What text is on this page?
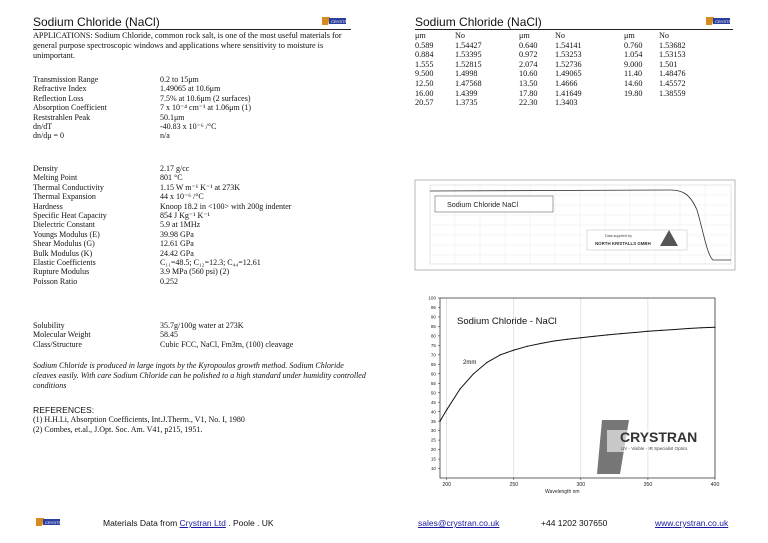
Sodium Chloride (NaCl)	CRYSTRAN
APPLICATIONS: Sodium Chloride, common rock salt, is one of the most useful materials for general purpose spectroscopic windows and applications where sensitivity to moisture is unimportant.
Transmission Range	0.2 to 15μm
Refractive Index	1.49065 at 10.6μm
Reflection Loss	7.5% at 10.6μm (2 surfaces)
Absorption Coefficient	7 x 10⁻⁴ cm⁻¹ at 1.06μm (1)
Reststrahlen Peak	50.1μm
dn/dT	-40.83 x 10⁻⁶ /°C
dn/dμ = 0	n/a
Density	2.17 g/cc
Melting Point	801 °C
Thermal Conductivity	1.15 W m⁻¹ K⁻¹ at 273K
Thermal Expansion	44 x 10⁻⁶ /°C
Hardness	Knoop 18.2 in <100> with 200g indenter
Specific Heat Capacity	854 J Kg⁻¹ K⁻¹
Dielectric Constant	5.9 at 1MHz
Youngs Modulus (E)	39.98 GPa
Shear Modulus (G)	12.61 GPa
Bulk Modulus (K)	24.42 GPa
Elastic Coefficients	C₁₁=48.5; C₁₂=12.3; C₄₄=12.61
Rupture Modulus	3.9 MPa (560 psi) (2)
Poisson Ratio	0.252
Solubility	35.7g/100g water at 273K
Molecular Weight	58.45
Class/Structure	Cubic FCC, NaCl, Fm3m, (100) cleavage
Sodium Chloride is produced in large ingots by the Kyropoulos growth method. Sodium Chloride cleaves easily. With care Sodium Chloride can be polished to a high standard under humidity controlled conditions
REFERENCES:
(1) H.H.Li, Absorption Coefficients, Int.J.Therm., V1, No. I, 1980
(2) Combes, et.al., J.Opt. Soc. Am. V41, p215, 1951.
Sodium Chloride (NaCl)	CRYSTRAN
μm	No	μm	No	μm	No
0.589	1.54427	0.640	1.54141	0.760	1.53682
0.884	1.53395	0.972	1.53253	1.054	1.53153
1.555	1.52815	2.074	1.52736	9.000	1.501
9.500	1.4998	10.60	1.49065	11.40	1.48476
12.50	1.47568	13.50	1.4666	14.60	1.45572
16.00	1.4399	17.80	1.41649	19.80	1.38559
20.57	1.3735	22.30	1.3403		
Sodium Chloride NaCl
Data supplied by
NORTH KRISTALLS GMBH
10
15
20
25
30
35
40
45
50
55
60
65
70
75
80
85
90
95
100
200	250	300	350	400
Sodium Chloride - NaCl
2mm
Wavelength nm
CRYSTRAN
UV - Visible - IR Specialist Optics
CRYSTRAN	Materials Data from Crystran Ltd . Poole . UK	sales@crystran.co.uk	+44 1202 307650	www.crystran.co.uk
